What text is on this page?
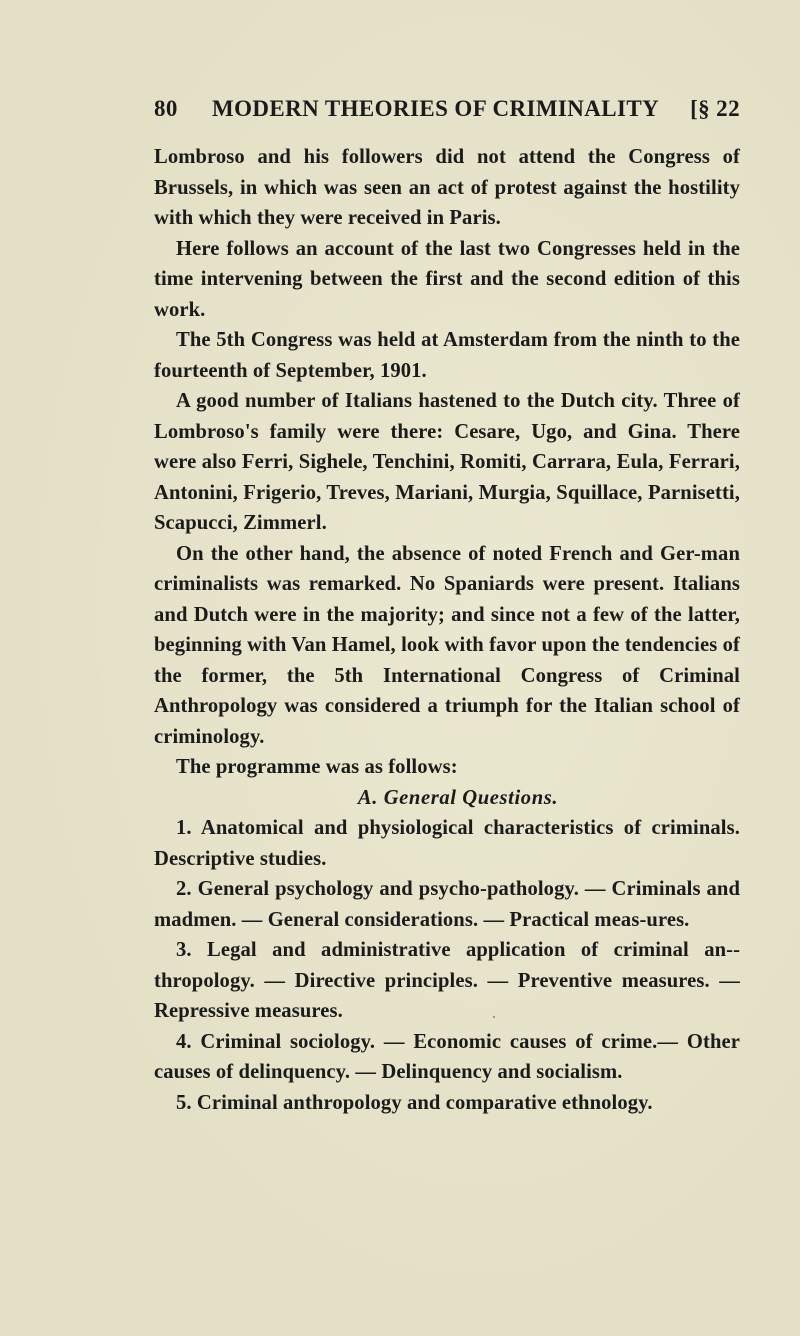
80 MODERN THEORIES OF CRIMINALITY [§ 22

Lombroso and his followers did not attend the Congress of Brussels, in which was seen an act of protest against the hostility with which they were received in Paris.

Here follows an account of the last two Congresses held in the time intervening between the first and the second edition of this work.

The 5th Congress was held at Amsterdam from the ninth to the fourteenth of September, 1901.

A good number of Italians hastened to the Dutch city. Three of Lombroso's family were there: Cesare, Ugo, and Gina. There were also Ferri, Sighele, Tenchini, Romiti, Carrara, Eula, Ferrari, Antonini, Frigerio, Treves, Mariani, Murgia, Squillace, Parnisetti, Scapucci, Zimmerl.

On the other hand, the absence of noted French and Ger-man criminalists was remarked. No Spaniards were present. Italians and Dutch were in the majority; and since not a few of the latter, beginning with Van Hamel, look with favor upon the tendencies of the former, the 5th International Congress of Criminal Anthropology was considered a triumph for the Italian school of criminology.

The programme was as follows:

A. General Questions.

1. Anatomical and physiological characteristics of criminals. Descriptive studies.

2. General psychology and psycho-pathology. — Criminals and madmen. — General considerations. — Practical meas-ures.

3. Legal and administrative application of criminal an-thropology. — Directive principles. — Preventive measures. — Repressive measures.

4. Criminal sociology. — Economic causes of crime.— Other causes of delinquency. — Delinquency and socialism.

5. Criminal anthropology and comparative ethnology.
